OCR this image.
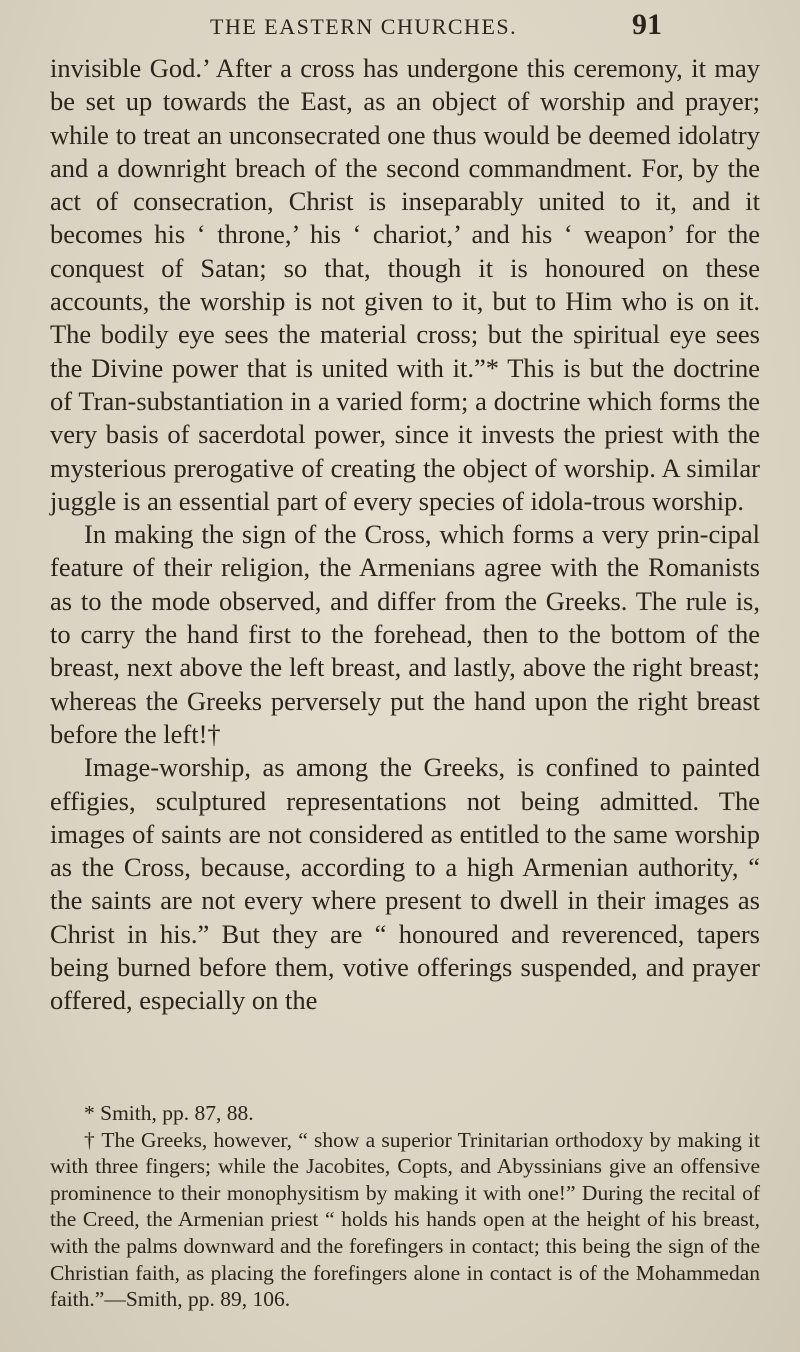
THE EASTERN CHURCHES.	91

invisible God.’ After a cross has undergone this ceremony, it may be set up towards the East, as an object of worship and prayer; while to treat an unconsecrated one thus would be deemed idolatry and a downright breach of the second commandment. For, by the act of consecration, Christ is inseparably united to it, and it becomes his ‘ throne,’ his ‘ chariot,’ and his ‘ weapon’ for the conquest of Satan; so that, though it is honoured on these accounts, the worship is not given to it, but to Him who is on it. The bodily eye sees the material cross; but the spiritual eye sees the Divine power that is united with it.”* This is but the doctrine of Tran-substantiation in a varied form; a doctrine which forms the very basis of sacerdotal power, since it invests the priest with the mysterious prerogative of creating the object of worship. A similar juggle is an essential part of every species of idola-trous worship.

In making the sign of the Cross, which forms a very prin-cipal feature of their religion, the Armenians agree with the Romanists as to the mode observed, and differ from the Greeks. The rule is, to carry the hand first to the forehead, then to the bottom of the breast, next above the left breast, and lastly, above the right breast; whereas the Greeks perversely put the hand upon the right breast before the left!†

Image-worship, as among the Greeks, is confined to painted effigies, sculptured representations not being admitted. The images of saints are not considered as entitled to the same worship as the Cross, because, according to a high Armenian authority, “ the saints are not every where present to dwell in their images as Christ in his.” But they are “ honoured and reverenced, tapers being burned before them, votive offerings suspended, and prayer offered, especially on the

* Smith, pp. 87, 88.

† The Greeks, however, “ show a superior Trinitarian orthodoxy by making it with three fingers; while the Jacobites, Copts, and Abyssinians give an offensive prominence to their monophysitism by making it with one!” During the recital of the Creed, the Armenian priest “ holds his hands open at the height of his breast, with the palms downward and the forefingers in contact; this being the sign of the Christian faith, as placing the forefingers alone in contact is of the Mohammedan faith.”—Smith, pp. 89, 106.
